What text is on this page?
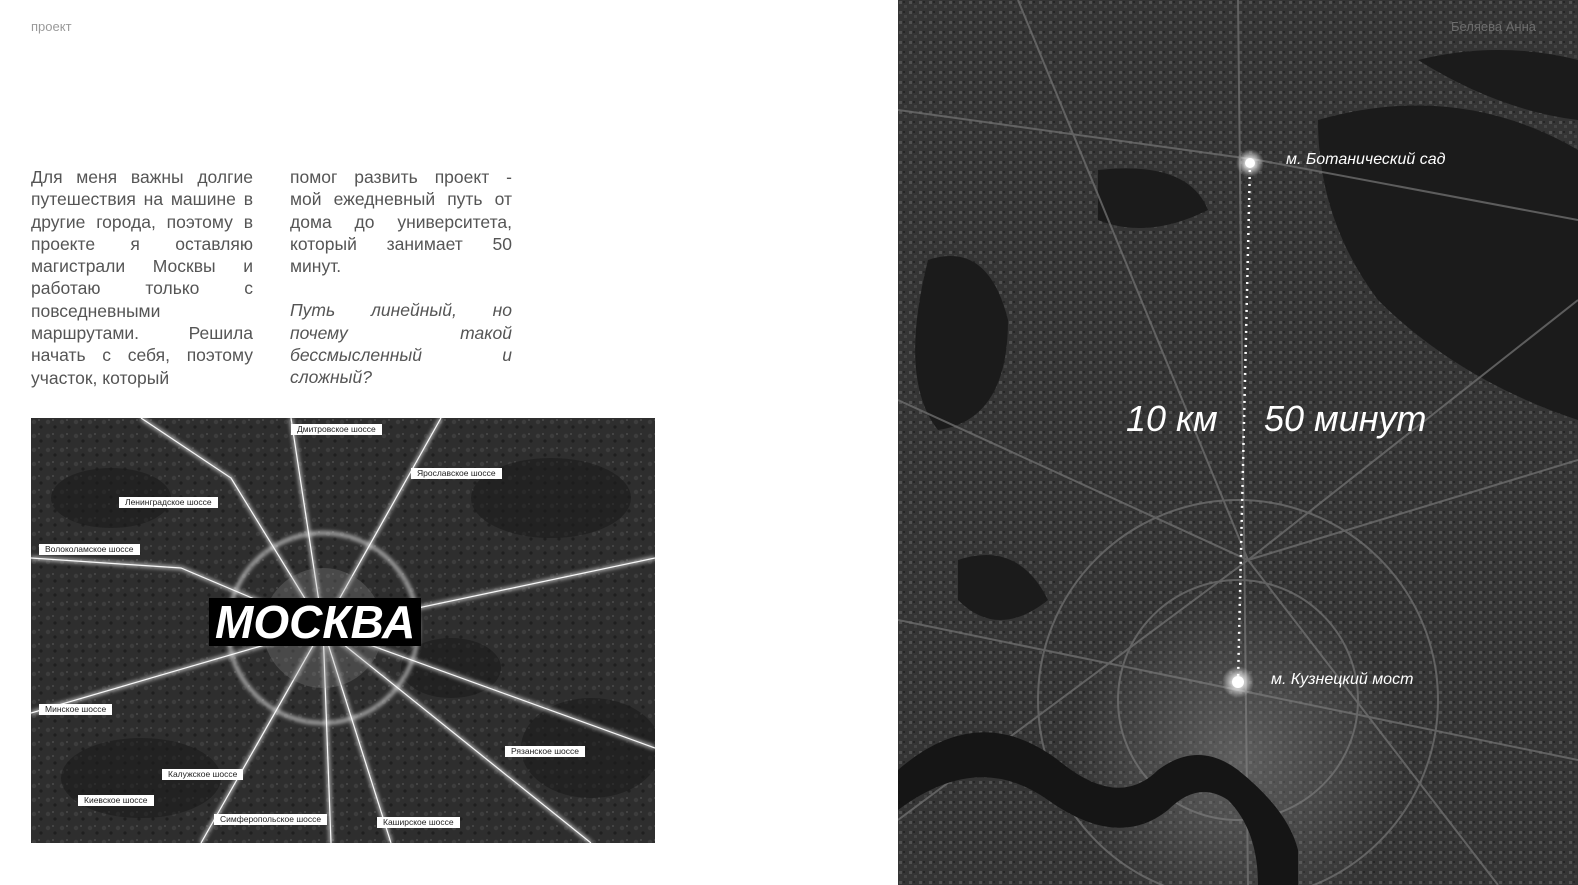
проект
Для меня важны долгие путешествия на машине в другие города, поэтому в проекте я оставляю магистрали Москвы и работаю только с повседневными маршрутами. Решила начать с себя, поэтому участок, который

помог развить проект - мой ежедневный путь от дома до университета, который занимает 50 минут.

Путь линейный, но почему такой бессмысленный и сложный?

Дмитровское шоссе
Ярославское шоссе
Ленинградское шоссе
Волоколамское шоссе
Минское шоссе
Рязанское шоссе
Калужское шоссе
Киевское шоссе
Симферопольское шоссе	Каширское шоссе
МОСКВА
Беляева Анна
м. Ботанический сад
м. Кузнецкий мост
10 км 50 минут
